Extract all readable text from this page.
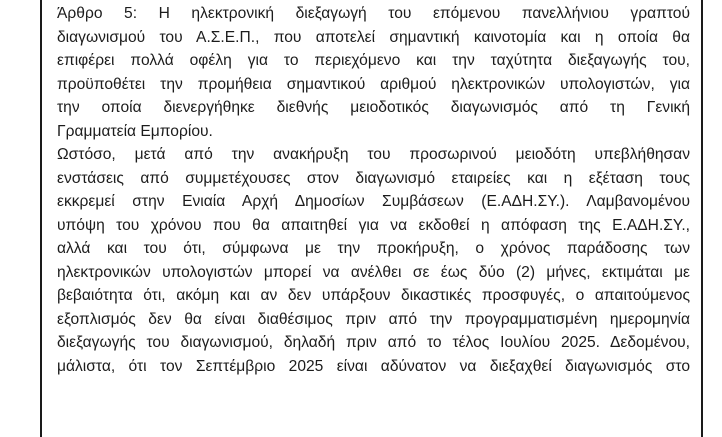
Άρθρο 5: Η ηλεκτρονική διεξαγωγή του επόμενου πανελλήνιου γραπτού
διαγωνισμού του Α.Σ.Ε.Π., που αποτελεί σημαντική καινοτομία και η οποία θα
επιφέρει πολλά οφέλη για το περιεχόμενο και την ταχύτητα διεξαγωγής του,
προϋποθέτει την προμήθεια σημαντικού αριθμού ηλεκτρονικών υπολογιστών, για
την οποία διενεργήθηκε διεθνής μειοδοτικός διαγωνισμός από τη Γενική
Γραμματεία Εμπορίου.
Ωστόσο, μετά από την ανακήρυξη του προσωρινού μειοδότη υπεβλήθησαν
ενστάσεις από συμμετέχουσες στον διαγωνισμό εταιρείες και η εξέταση τους
εκκρεμεί στην Ενιαία Αρχή Δημοσίων Συμβάσεων (Ε.ΑΔΗ.ΣΥ.). Λαμβανομένου
υπόψη του χρόνου που θα απαιτηθεί για να εκδοθεί η απόφαση της Ε.ΑΔΗ.ΣΥ.,
αλλά και του ότι, σύμφωνα με την προκήρυξη, ο χρόνος παράδοσης των
ηλεκτρονικών υπολογιστών μπορεί να ανέλθει σε έως δύο (2) μήνες, εκτιμάται με
βεβαιότητα ότι, ακόμη και αν δεν υπάρξουν δικαστικές προσφυγές, ο απαιτούμενος
εξοπλισμός δεν θα είναι διαθέσιμος πριν από την προγραμματισμένη ημερομηνία
διεξαγωγής του διαγωνισμού, δηλαδή πριν από το τέλος Ιουλίου 2025. Δεδομένου,
μάλιστα, ότι τον Σεπτέμβριο 2025 είναι αδύνατον να διεξαχθεί διαγωνισμός στο
